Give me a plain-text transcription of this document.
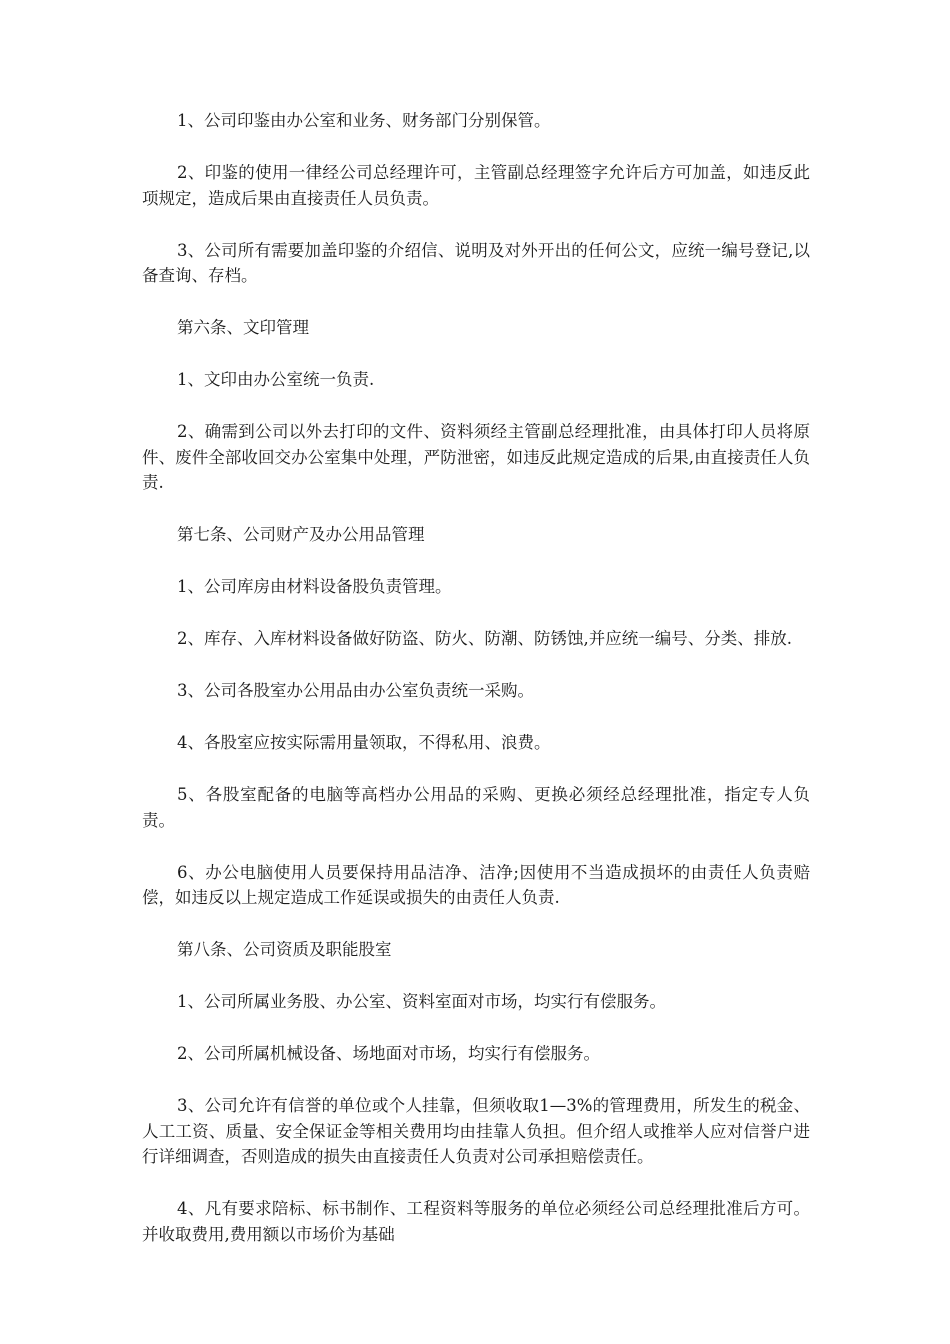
1、公司印鉴由办公室和业务、财务部门分别保管。

2、印鉴的使用一律经公司总经理许可，主管副总经理签字允许后方可加盖，如违反此项规定，造成后果由直接责任人员负责。

3、公司所有需要加盖印鉴的介绍信、说明及对外开出的任何公文，应统一编号登记,以备查询、存档。

第六条、文印管理

1、文印由办公室统一负责.

2、确需到公司以外去打印的文件、资料须经主管副总经理批准，由具体打印人员将原件、废件全部收回交办公室集中处理，严防泄密，如违反此规定造成的后果,由直接责任人负责.

第七条、公司财产及办公用品管理

1、公司库房由材料设备股负责管理。

2、库存、入库材料设备做好防盗、防火、防潮、防锈蚀,并应统一编号、分类、排放.

3、公司各股室办公用品由办公室负责统一采购。

4、各股室应按实际需用量领取，不得私用、浪费。

5、各股室配备的电脑等高档办公用品的采购、更换必须经总经理批准，指定专人负责。

6、办公电脑使用人员要保持用品洁净、洁净;因使用不当造成损坏的由责任人负责赔偿，如违反以上规定造成工作延误或损失的由责任人负责.

第八条、公司资质及职能股室

1、公司所属业务股、办公室、资料室面对市场，均实行有偿服务。

2、公司所属机械设备、场地面对市场，均实行有偿服务。

3、公司允许有信誉的单位或个人挂靠，但须收取1—3%的管理费用，所发生的税金、人工工资、质量、安全保证金等相关费用均由挂靠人负担。但介绍人或推举人应对信誉户进行详细调查，否则造成的损失由直接责任人负责对公司承担赔偿责任。

4、凡有要求陪标、标书制作、工程资料等服务的单位必须经公司总经理批准后方可。并收取费用,费用额以市场价为基础
